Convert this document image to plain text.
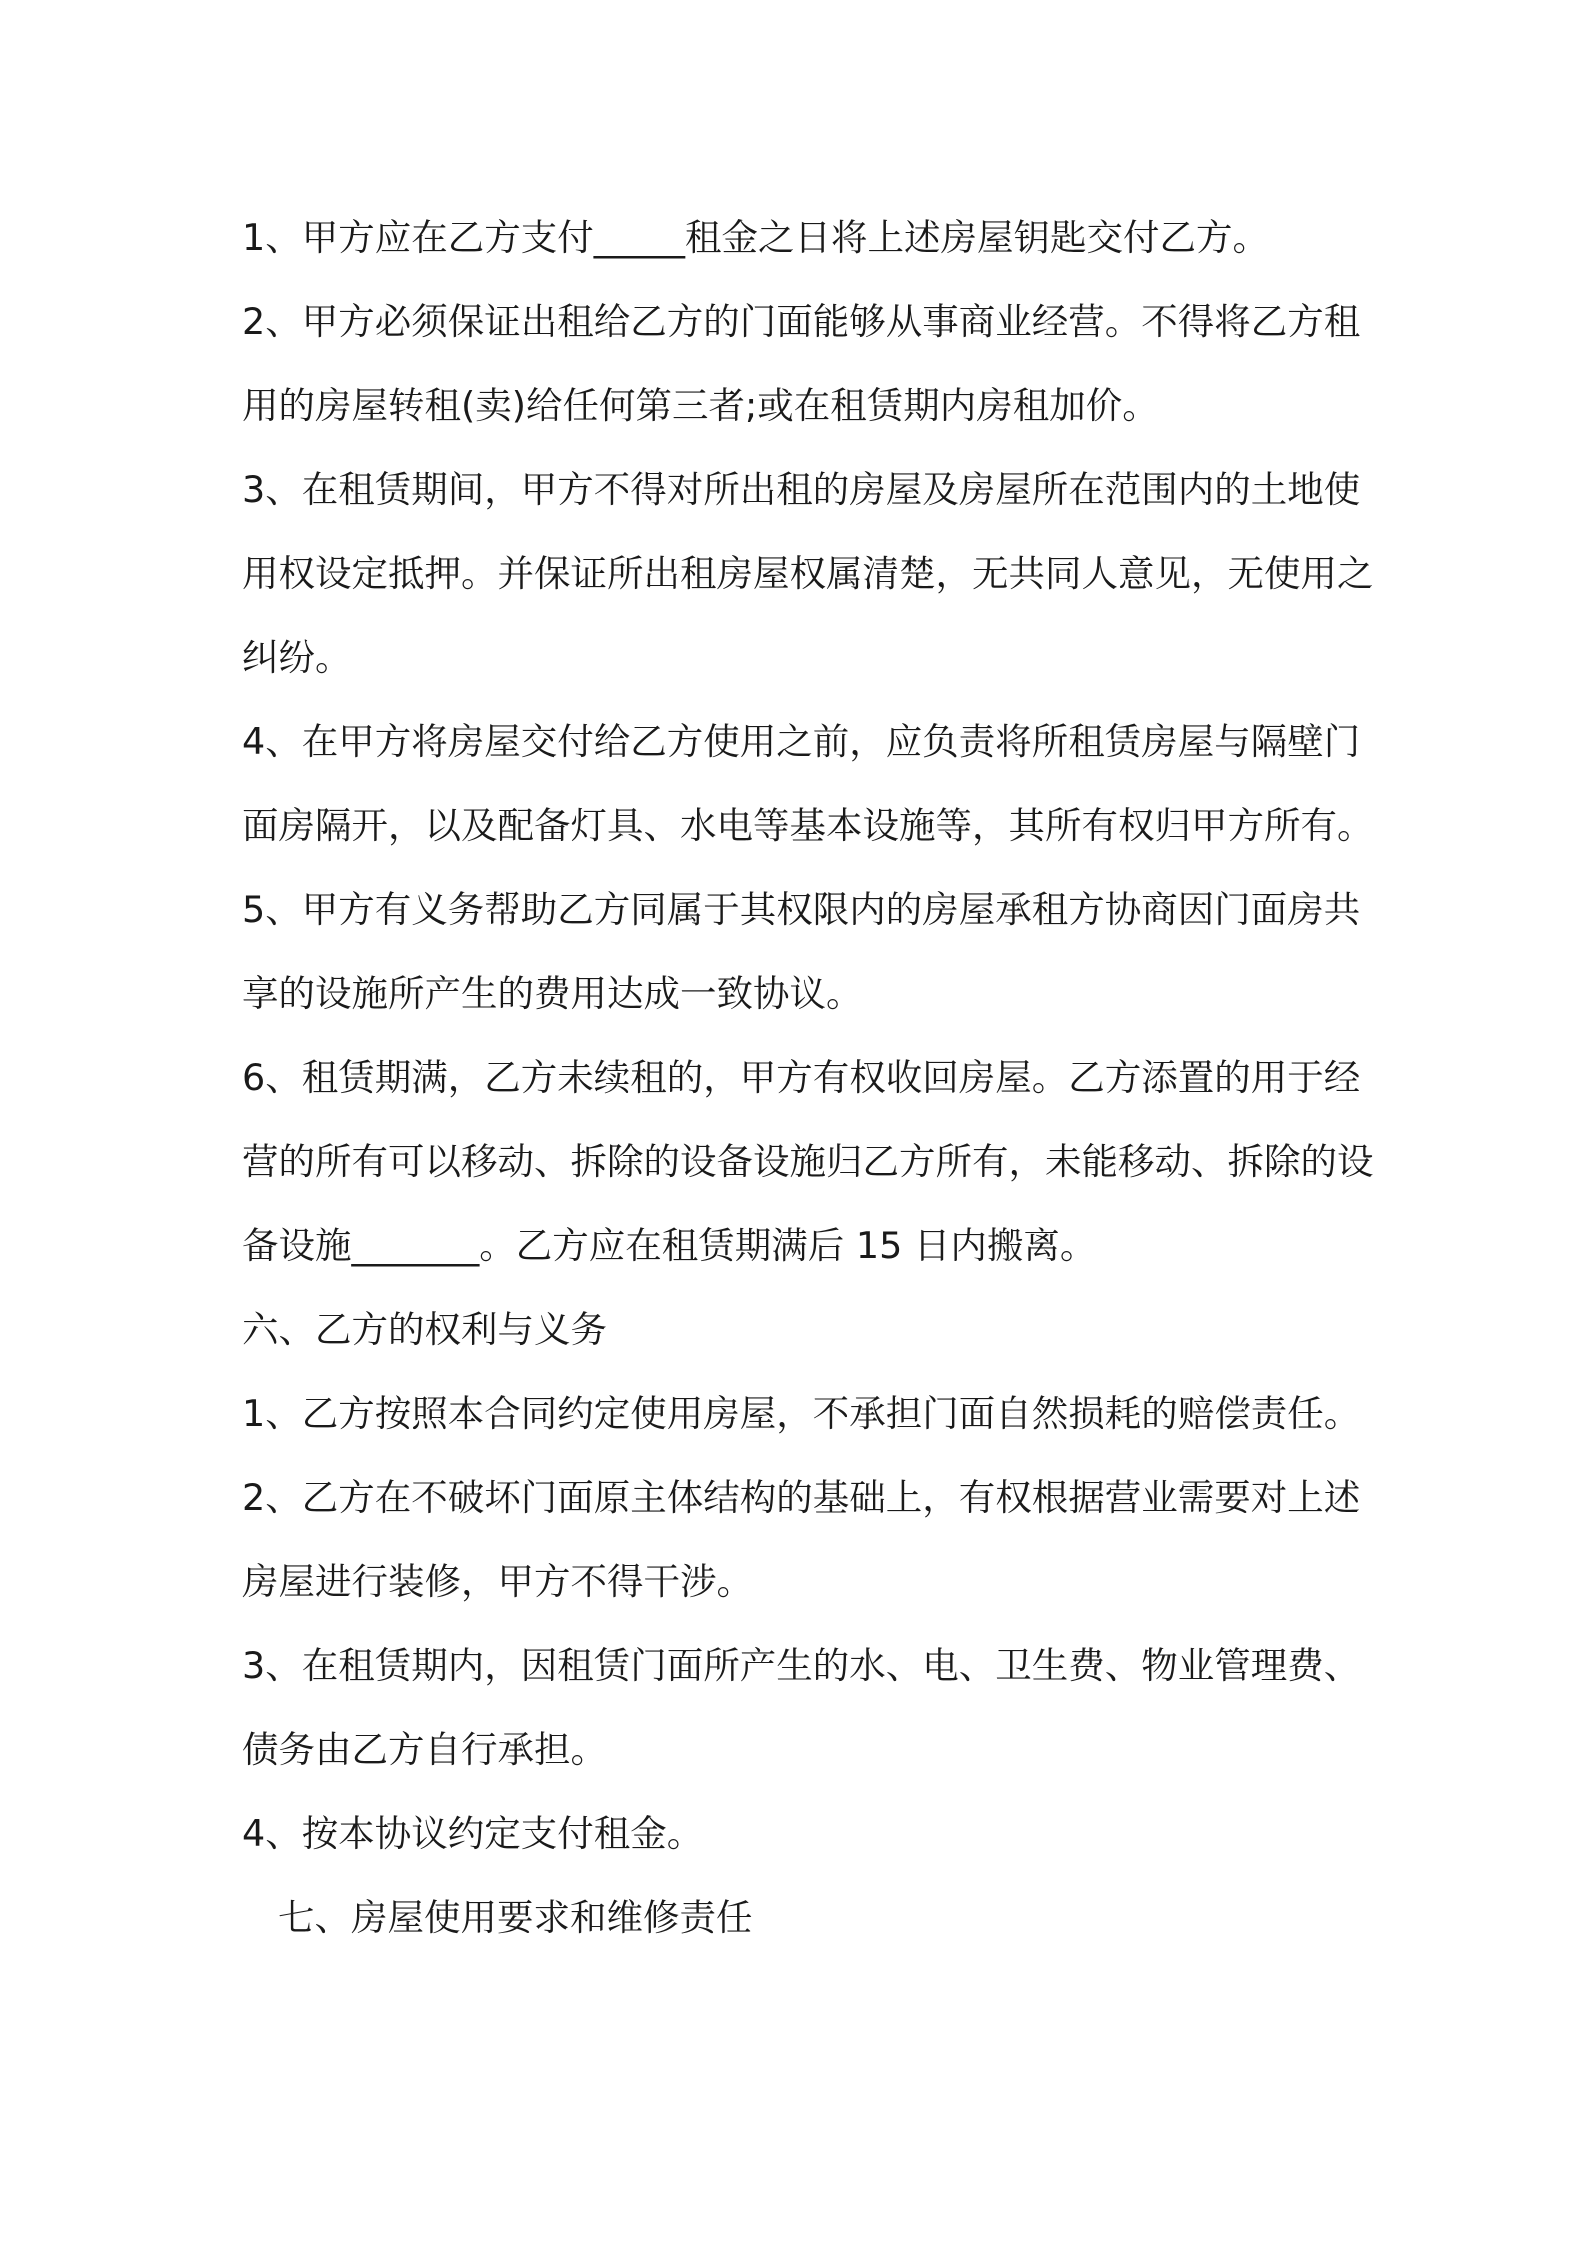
1、甲方应在乙方支付_____租金之日将上述房屋钥匙交付乙方。

2、甲方必须保证出租给乙方的门面能够从事商业经营。不得将乙方租用的房屋转租(卖)给任何第三者;或在租赁期内房租加价。

3、在租赁期间，甲方不得对所出租的房屋及房屋所在范围内的土地使用权设定抵押。并保证所出租房屋权属清楚，无共同人意见，无使用之纠纷。

4、在甲方将房屋交付给乙方使用之前，应负责将所租赁房屋与隔壁门面房隔开，以及配备灯具、水电等基本设施等，其所有权归甲方所有。

5、甲方有义务帮助乙方同属于其权限内的房屋承租方协商因门面房共享的设施所产生的费用达成一致协议。

6、租赁期满，乙方未续租的，甲方有权收回房屋。乙方添置的用于经营的所有可以移动、拆除的设备设施归乙方所有，未能移动、拆除的设备设施_______。乙方应在租赁期满后 15 日内搬离。

六、乙方的权利与义务

1、乙方按照本合同约定使用房屋，不承担门面自然损耗的赔偿责任。

2、乙方在不破坏门面原主体结构的基础上，有权根据营业需要对上述房屋进行装修，甲方不得干涉。

3、在租赁期内，因租赁门面所产生的水、电、卫生费、物业管理费、债务由乙方自行承担。

4、按本协议约定支付租金。

七、房屋使用要求和维修责任
